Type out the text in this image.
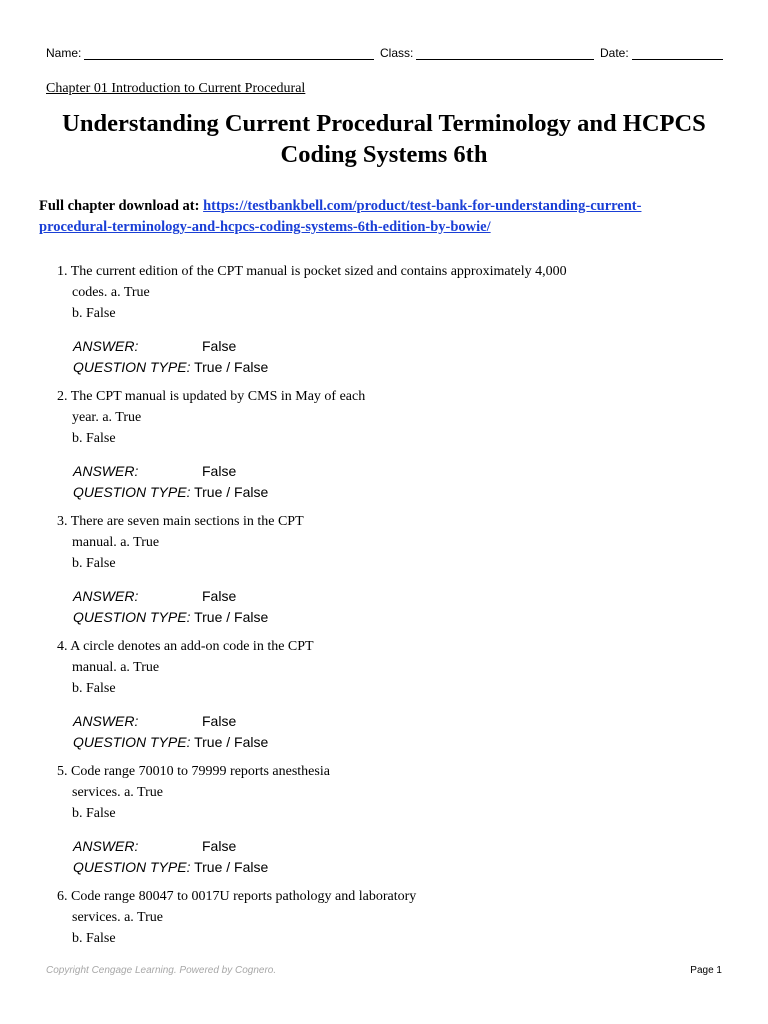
Name:	Class:	Date:
Chapter 01 Introduction to Current Procedural
Understanding Current Procedural Terminology and HCPCS
Coding Systems 6th
Full chapter download at: https://testbankbell.com/product/test-bank-for-understanding-current-
procedural-terminology-and-hcpcs-coding-systems-6th-edition-by-bowie/

1. The current edition of the CPT manual is pocket sized and contains approximately 4,000
codes. a. True

b. False

ANSWER:	False
QUESTION TYPE: True / False

2. The CPT manual is updated by CMS in May of each
year. a. True

b. False

ANSWER:	False
QUESTION TYPE: True / False

3. There are seven main sections in the CPT
manual. a. True

b. False

ANSWER:	False
QUESTION TYPE: True / False

4. A circle denotes an add-on code in the CPT
manual. a. True

b. False

ANSWER:	False
QUESTION TYPE: True / False

5. Code range 70010 to 79999 reports anesthesia
services. a. True

b. False

ANSWER:	False
QUESTION TYPE: True / False

6. Code range 80047 to 0017U reports pathology and laboratory
services. a. True

b. False

Copyright Cengage Learning. Powered by Cognero.	Page 1
